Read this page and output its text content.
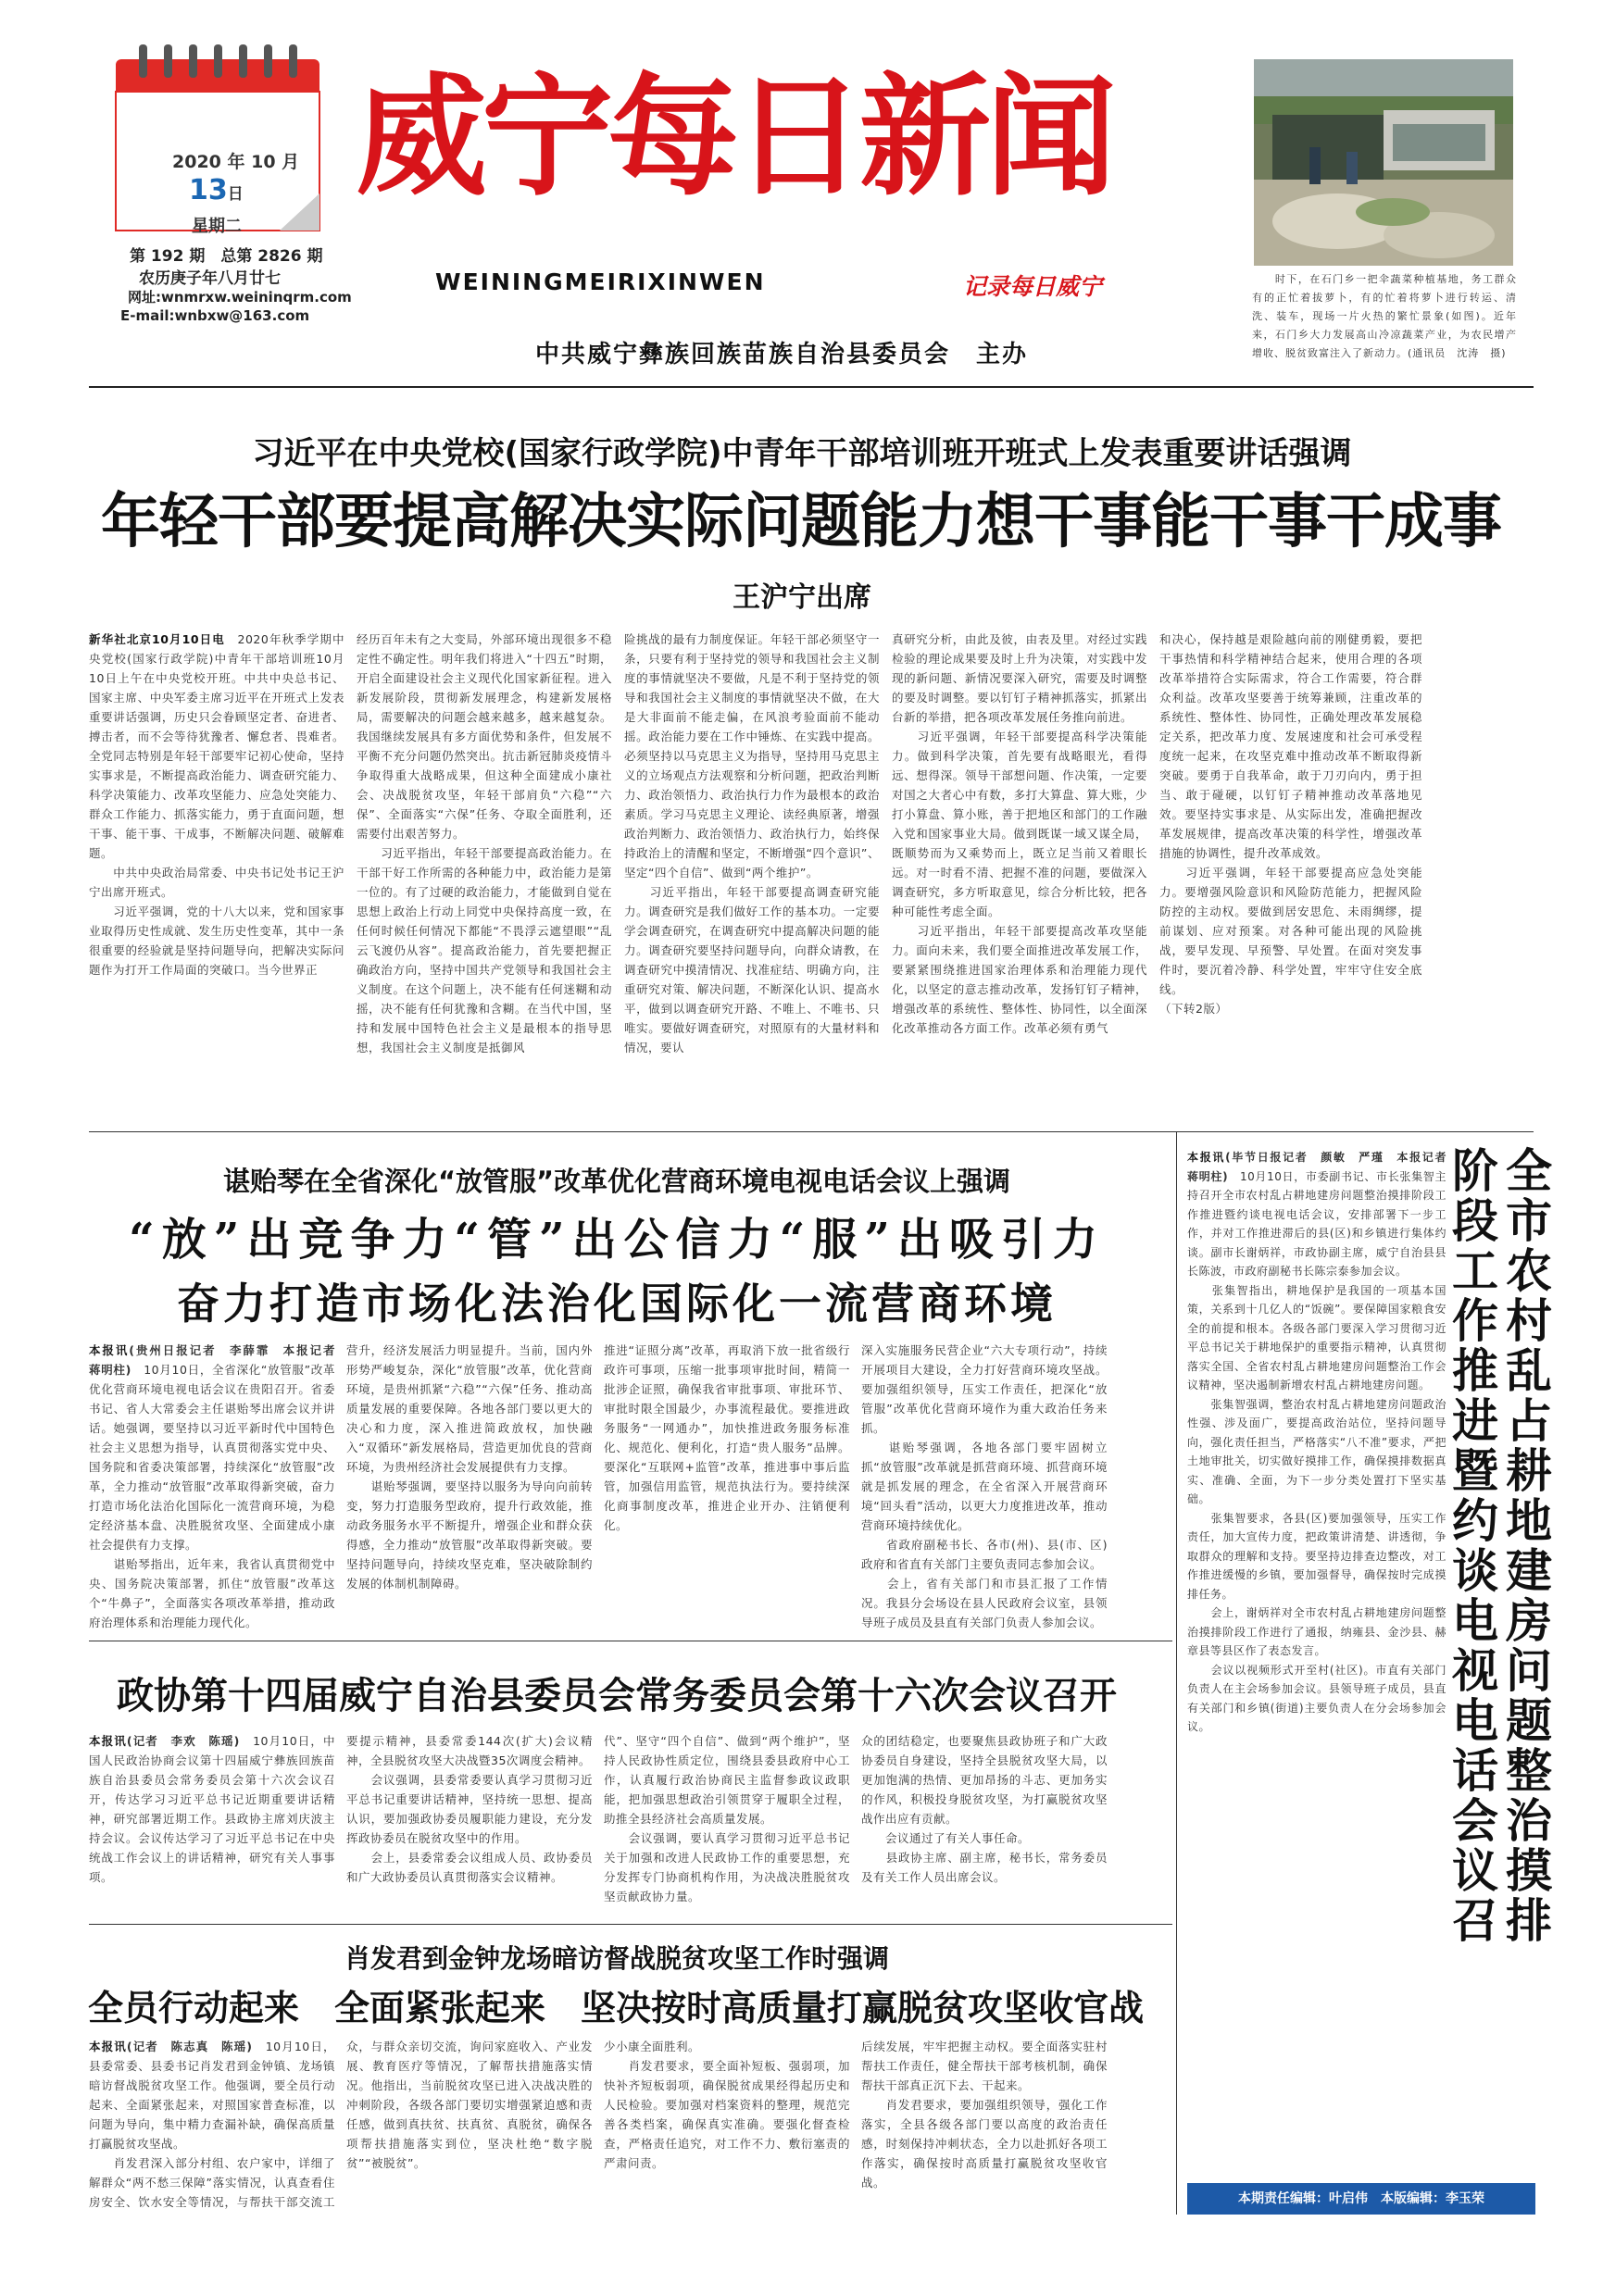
2020 年 10 月
13日
星期二
第 192 期　总第 2826 期
农历庚子年八月廿七
网址:wnmrxw.weininqrm.com
E-mail:wnbxw@163.com
威宁每日新闻
WEININGMEIRIXINWEN	记录每日威宁
中共威宁彝族回族苗族自治县委员会　主办
　　时下，在石门乡一把伞蔬菜种植基地，务工群众有的正忙着拔萝卜，有的忙着将萝卜进行转运、清洗、装车，现场一片火热的繁忙景象(如图)。近年来，石门乡大力发展高山冷凉蔬菜产业，为农民增产增收、脱贫致富注入了新动力。(通讯员　沈涛　摄)
习近平在中央党校(国家行政学院)中青年干部培训班开班式上发表重要讲话强调
年轻干部要提高解决实际问题能力想干事能干事干成事
王沪宁出席
新华社北京10月10日电　2020年秋季学期中央党校(国家行政学院)中青年干部培训班10月10日上午在中央党校开班。中共中央总书记、国家主席、中央军委主席习近平在开班式上发表重要讲话强调，历史只会眷顾坚定者、奋进者、搏击者，而不会等待犹豫者、懈怠者、畏难者。全党同志特别是年轻干部要牢记初心使命，坚持实事求是，不断提高政治能力、调查研究能力、科学决策能力、改革攻坚能力、应急处突能力、群众工作能力、抓落实能力，勇于直面问题，想干事、能干事、干成事，不断解决问题、破解难题。
　　中共中央政治局常委、中央书记处书记王沪宁出席开班式。
　　习近平强调，党的十八大以来，党和国家事业取得历史性成就、发生历史性变革，其中一条很重要的经验就是坚持问题导向，把解决实际问题作为打开工作局面的突破口。当今世界正
经历百年未有之大变局，外部环境出现很多不稳定性不确定性。明年我们将进入“十四五”时期，开启全面建设社会主义现代化国家新征程。进入新发展阶段，贯彻新发展理念，构建新发展格局，需要解决的问题会越来越多，越来越复杂。我国继续发展具有多方面优势和条件，但发展不平衡不充分问题仍然突出。抗击新冠肺炎疫情斗争取得重大战略成果，但这种全面建成小康社会、决战脱贫攻坚，年轻干部肩负“六稳”“六保”、全面落实“六保”任务、夺取全面胜利，还需要付出艰苦努力。
　　习近平指出，年轻干部要提高政治能力。在干部干好工作所需的各种能力中，政治能力是第一位的。有了过硬的政治能力，才能做到自觉在思想上政治上行动上同党中央保持高度一致，在任何时候任何情况下都能“不畏浮云遮望眼”“乱云飞渡仍从容”。提高政治能力，首先要把握正确政治方向，坚持中国共产党领导和我国社会主义制度。在这个问题上，决不能有任何迷糊和动摇，决不能有任何犹豫和含糊。在当代中国，坚持和发展中国特色社会主义是最根本的指导思想，我国社会主义制度是抵御风
险挑战的最有力制度保证。年轻干部必须坚守一条，只要有利于坚持党的领导和我国社会主义制度的事情就坚决不要做，凡是不利于坚持党的领导和我国社会主义制度的事情就坚决不做，在大是大非面前不能走偏，在风浪考验面前不能动摇。政治能力要在工作中锤炼、在实践中提高。必须坚持以马克思主义为指导，坚持用马克思主义的立场观点方法观察和分析问题，把政治判断力、政治领悟力、政治执行力作为最根本的政治素质。学习马克思主义理论、读经典原著，增强政治判断力、政治领悟力、政治执行力，始终保持政治上的清醒和坚定，不断增强“四个意识”、坚定“四个自信”、做到“两个维护”。
　　习近平指出，年轻干部要提高调查研究能力。调查研究是我们做好工作的基本功。一定要学会调查研究，在调查研究中提高解决问题的能力。调查研究要坚持问题导向，向群众请教，在调查研究中摸清情况、找准症结、明确方向，注重研究对策、解决问题，不断深化认识、提高水平，做到以调查研究开路、不唯上、不唯书、只唯实。要做好调查研究，对照原有的大量材料和情况，要认
真研究分析，由此及彼，由表及里。对经过实践检验的理论成果要及时上升为决策，对实践中发现的新问题、新情况要深入研究，需要及时调整的要及时调整。要以钉钉子精神抓落实，抓紧出台新的举措，把各项改革发展任务推向前进。
　　习近平强调，年轻干部要提高科学决策能力。做到科学决策，首先要有战略眼光，看得远、想得深。领导干部想问题、作决策，一定要对国之大者心中有数，多打大算盘、算大账，少打小算盘、算小账，善于把地区和部门的工作融入党和国家事业大局。做到既谋一域又谋全局，既顺势而为又乘势而上，既立足当前又着眼长远。对一时看不清、把握不准的问题，要做深入调查研究，多方听取意见，综合分析比较，把各种可能性考虑全面。
　　习近平指出，年轻干部要提高改革攻坚能力。面向未来，我们要全面推进改革发展工作，要紧紧围绕推进国家治理体系和治理能力现代化，以坚定的意志推动改革，发扬钉钉子精神，增强改革的系统性、整体性、协同性，以全面深化改革推动各方面工作。改革必须有勇气
和决心，保持越是艰险越向前的刚健勇毅，要把干事热情和科学精神结合起来，使用合理的各项改革举措符合实际需求，符合工作需要，符合群众利益。改革攻坚要善于统筹兼顾，注重改革的系统性、整体性、协同性，正确处理改革发展稳定关系，把改革力度、发展速度和社会可承受程度统一起来，在攻坚克难中推动改革不断取得新突破。要勇于自我革命，敢于刀刃向内，勇于担当、敢于碰硬，以钉钉子精神推动改革落地见效。要坚持实事求是、从实际出发，准确把握改革发展规律，提高改革决策的科学性，增强改革措施的协调性，提升改革成效。
　　习近平强调，年轻干部要提高应急处突能力。要增强风险意识和风险防范能力，把握风险防控的主动权。要做到居安思危、未雨绸缪，提前谋划、应对预案。对各种可能出现的风险挑战，要早发现、早预警、早处置。在面对突发事件时，要沉着冷静、科学处置，牢牢守住安全底线。
（下转2版）
谌贻琴在全省深化“放管服”改革优化营商环境电视电话会议上强调
“放”出竞争力“管”出公信力“服”出吸引力
奋力打造市场化法治化国际化一流营商环境
本报讯(贵州日报记者　李薛霏　本报记者　蒋明柱)　10月10日，全省深化“放管服”改革优化营商环境电视电话会议在贵阳召开。省委书记、省人大常委会主任谌贻琴出席会议并讲话。她强调，要坚持以习近平新时代中国特色社会主义思想为指导，认真贯彻落实党中央、国务院和省委决策部署，持续深化“放管服”改革，全力推动“放管服”改革取得新突破，奋力打造市场化法治化国际化一流营商环境，为稳定经济基本盘、决胜脱贫攻坚、全面建成小康社会提供有力支撑。
　　谌贻琴指出，近年来，我省认真贯彻党中央、国务院决策部署，抓住“放管服”改革这个“牛鼻子”，全面落实各项改革举措，推动政府治理体系和治理能力现代化。
营升，经济发展活力明显提升。当前，国内外形势严峻复杂，深化“放管服”改革，优化营商环境，是贵州抓紧“六稳”“六保”任务、推动高质量发展的重要保障。各地各部门要以更大的决心和力度，深入推进简政放权，加快融入“双循环”新发展格局，营造更加优良的营商环境，为贵州经济社会发展提供有力支撑。
　　谌贻琴强调，要坚持以服务为导向向前转变，努力打造服务型政府，提升行政效能，推动政务服务水平不断提升，增强企业和群众获得感，全力推动“放管服”改革取得新突破。要坚持问题导向，持续攻坚克难，坚决破除制约发展的体制机制障碍。
推进“证照分离”改革，再取消下放一批省级行政许可事项，压缩一批事项审批时间，精简一批涉企证照，确保我省审批事项、审批环节、审批时限全国最少，办事流程最优。要推进政务服务“一网通办”，加快推进政务服务标准化、规范化、便利化，打造“贵人服务”品牌。要深化“互联网+监管”改革，推进事中事后监管，加强信用监管，规范执法行为。要持续深化商事制度改革，推进企业开办、注销便利化。
深入实施服务民营企业“六大专项行动”，持续开展项目大建设，全力打好营商环境攻坚战。要加强组织领导，压实工作责任，把深化“放管服”改革优化营商环境作为重大政治任务来抓。
　　谌贻琴强调，各地各部门要牢固树立抓“放管服”改革就是抓营商环境、抓营商环境就是抓发展的理念，在全省深入开展营商环境“回头看”活动，以更大力度推进改革，推动营商环境持续优化。
　　省政府副秘书长、各市(州)、县(市、区)政府和省直有关部门主要负责同志参加会议。
　　会上，省有关部门和市县汇报了工作情况。我县分会场设在县人民政府会议室，县领导班子成员及县直有关部门负责人参加会议。
本报讯(毕节日报记者　颜敏　严瑾　本报记者　蒋明柱)　10月10日，市委副书记、市长张集智主持召开全市农村乱占耕地建房问题整治摸排阶段工作推进暨约谈电视电话会议，安排部署下一步工作，并对工作推进滞后的县(区)和乡镇进行集体约谈。副市长谢炳祥，市政协副主席，威宁自治县县长陈波，市政府副秘书长陈宗泰参加会议。
　　张集智指出，耕地保护是我国的一项基本国策，关系到十几亿人的“饭碗”。要保障国家粮食安全的前提和根本。各级各部门要深入学习贯彻习近平总书记关于耕地保护的重要指示精神，认真贯彻落实全国、全省农村乱占耕地建房问题整治工作会议精神，坚决遏制新增农村乱占耕地建房问题。
　　张集智强调，整治农村乱占耕地建房问题政治性强、涉及面广，要提高政治站位，坚持问题导向，强化责任担当，严格落实“八不准”要求，严把土地审批关，切实做好摸排工作，确保摸排数据真实、准确、全面，为下一步分类处置打下坚实基础。
　　张集智要求，各县(区)要加强领导，压实工作责任，加大宣传力度，把政策讲清楚、讲透彻，争取群众的理解和支持。要坚持边排查边整改，对工作推进缓慢的乡镇，要加强督导，确保按时完成摸排任务。
　　会上，谢炳祥对全市农村乱占耕地建房问题整治摸排阶段工作进行了通报，纳雍县、金沙县、赫章县等县区作了表态发言。
　　会议以视频形式开至村(社区)。市直有关部门负责人在主会场参加会议。县领导班子成员，县直有关部门和乡镇(街道)主要负责人在分会场参加会议。
全市农村乱占耕地建房问题整治摸排阶段工作推进暨约谈电视电话会议召
本期责任编辑：叶启伟　本版编辑：李玉荣
政协第十四届威宁自治县委员会常务委员会第十六次会议召开
本报讯(记者　李欢　陈瑶)　10月10日，中国人民政治协商会议第十四届威宁彝族回族苗族自治县委员会常务委员会第十六次会议召开，传达学习习近平总书记近期重要讲话精神，研究部署近期工作。县政协主席刘庆波主持会议。会议传达学习了习近平总书记在中央统战工作会议上的讲话精神，研究有关人事事项。
要提示精神，县委常委144次(扩大)会议精神，全县脱贫攻坚大决战暨35次调度会精神。
　　会议强调，县委常委要认真学习贯彻习近平总书记重要讲话精神，坚持统一思想、提高认识，要加强政协委员履职能力建设，充分发挥政协委员在脱贫攻坚中的作用。
　　会上，县委常委会议组成人员、政协委员和广大政协委员认真贯彻落实会议精神。
代”、坚守“四个自信”、做到“两个维护”，坚持人民政协性质定位，围绕县委县政府中心工作，认真履行政治协商民主监督参政议政职能，把加强思想政治引领贯穿于履职全过程，助推全县经济社会高质量发展。
　　会议强调，要认真学习贯彻习近平总书记关于加强和改进人民政协工作的重要思想，充分发挥专门协商机构作用，为决战决胜脱贫攻坚贡献政协力量。
众的团结稳定，也要聚焦县政协班子和广大政协委员自身建设，坚持全县脱贫攻坚大局，以更加饱满的热情、更加昂扬的斗志、更加务实的作风，积极投身脱贫攻坚，为打赢脱贫攻坚战作出应有贡献。
　　会议通过了有关人事任命。
　　县政协主席、副主席，秘书长，常务委员及有关工作人员出席会议。
肖发君到金钟龙场暗访督战脱贫攻坚工作时强调
全员行动起来　全面紧张起来　坚决按时高质量打赢脱贫攻坚收官战
本报讯(记者　陈志真　陈瑶)　10月10日，县委常委、县委书记肖发君到金钟镇、龙场镇暗访督战脱贫攻坚工作。他强调，要全员行动起来、全面紧张起来，对照国家普查标准，以问题为导向，集中精力查漏补缺，确保高质量打赢脱贫攻坚战。
　　肖发君深入部分村组、农户家中，详细了解群众“两不愁三保障”落实情况，认真查看住房安全、饮水安全等情况，与帮扶干部交流工
众，与群众亲切交流，询问家庭收入、产业发展、教育医疗等情况，了解帮扶措施落实情况。他指出，当前脱贫攻坚已进入决战决胜的冲刺阶段，各级各部门要切实增强紧迫感和责任感，做到真扶贫、扶真贫、真脱贫，确保各项帮扶措施落实到位，坚决杜绝“数字脱贫”“被脱贫”。
少小康全面胜利。
　　肖发君要求，要全面补短板、强弱项，加快补齐短板弱项，确保脱贫成果经得起历史和人民检验。要加强对档案资料的整理，规范完善各类档案，确保真实准确。要强化督查检查，严格责任追究，对工作不力、敷衍塞责的严肃问责。
后续发展，牢牢把握主动权。要全面落实驻村帮扶工作责任，健全帮扶干部考核机制，确保帮扶干部真正沉下去、干起来。
　　肖发君要求，要加强组织领导，强化工作落实，全县各级各部门要以高度的政治责任感，时刻保持冲刺状态，全力以赴抓好各项工作落实，确保按时高质量打赢脱贫攻坚收官战。
